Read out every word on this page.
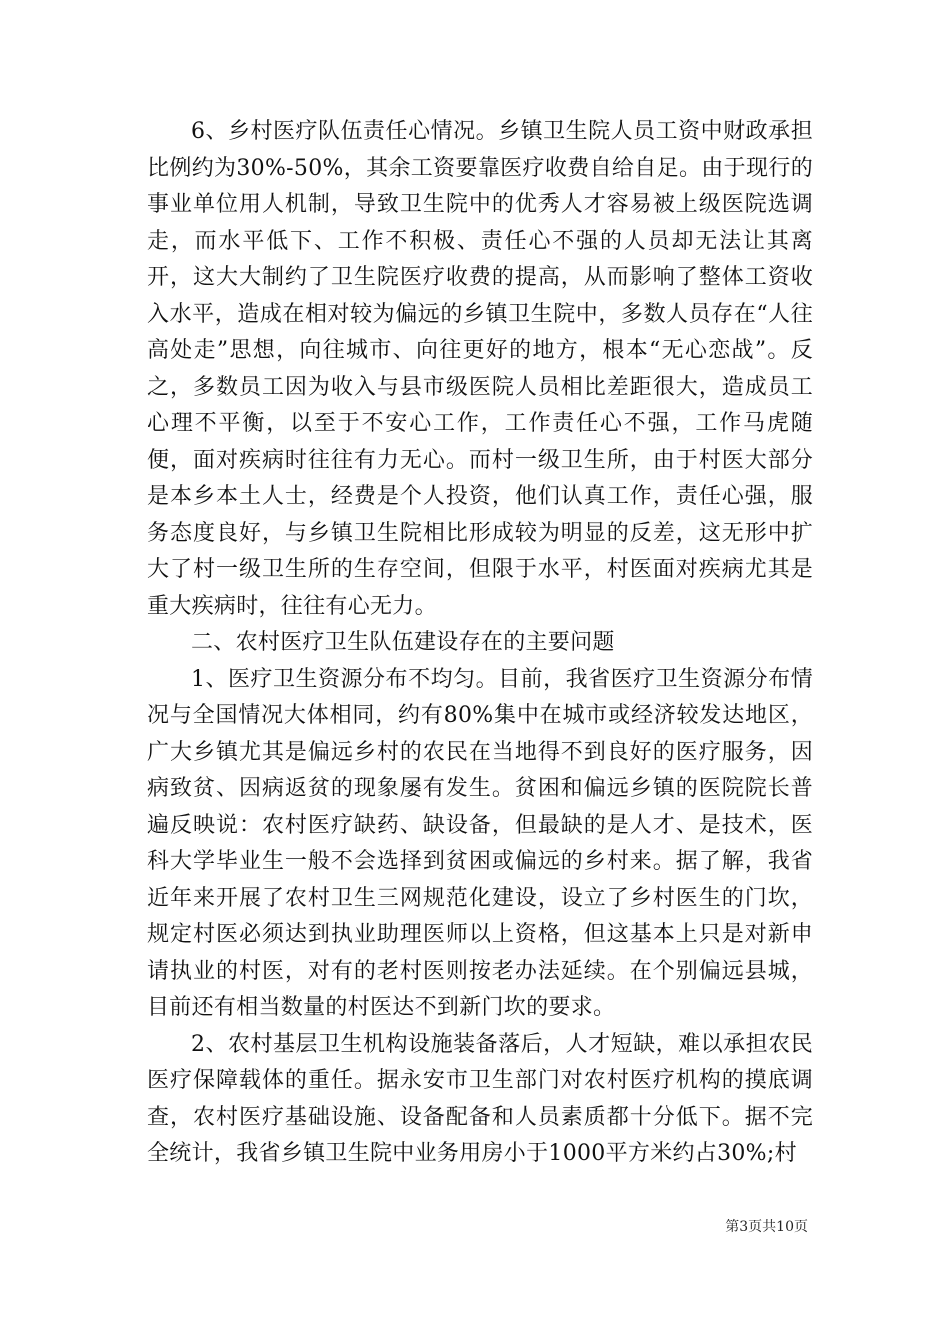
6、乡村医疗队伍责任心情况。乡镇卫生院人员工资中财政承担比例约为30%-50%，其余工资要靠医疗收费自给自足。由于现行的事业单位用人机制，导致卫生院中的优秀人才容易被上级医院选调走，而水平低下、工作不积极、责任心不强的人员却无法让其离开，这大大制约了卫生院医疗收费的提高，从而影响了整体工资收入水平，造成在相对较为偏远的乡镇卫生院中，多数人员存在“人往高处走”思想，向往城市、向往更好的地方，根本“无心恋战”。反之，多数员工因为收入与县市级医院人员相比差距很大，造成员工心理不平衡，以至于不安心工作，工作责任心不强，工作马虎随便，面对疾病时往往有力无心。而村一级卫生所，由于村医大部分是本乡本土人士，经费是个人投资，他们认真工作，责任心强，服务态度良好，与乡镇卫生院相比形成较为明显的反差，这无形中扩大了村一级卫生所的生存空间，但限于水平，村医面对疾病尤其是重大疾病时，往往有心无力。

二、农村医疗卫生队伍建设存在的主要问题

1、医疗卫生资源分布不均匀。目前，我省医疗卫生资源分布情况与全国情况大体相同，约有80%集中在城市或经济较发达地区，广大乡镇尤其是偏远乡村的农民在当地得不到良好的医疗服务，因病致贫、因病返贫的现象屡有发生。贫困和偏远乡镇的医院院长普遍反映说：农村医疗缺药、缺设备，但最缺的是人才、是技术，医科大学毕业生一般不会选择到贫困或偏远的乡村来。据了解，我省近年来开展了农村卫生三网规范化建设，设立了乡村医生的门坎，规定村医必须达到执业助理医师以上资格，但这基本上只是对新申请执业的村医，对有的老村医则按老办法延续。在个别偏远县城，目前还有相当数量的村医达不到新门坎的要求。

2、农村基层卫生机构设施装备落后，人才短缺，难以承担农民医疗保障载体的重任。据永安市卫生部门对农村医疗机构的摸底调查，农村医疗基础设施、设备配备和人员素质都十分低下。据不完全统计，我省乡镇卫生院中业务用房小于1000平方米约占30%;村

第3页共10页
